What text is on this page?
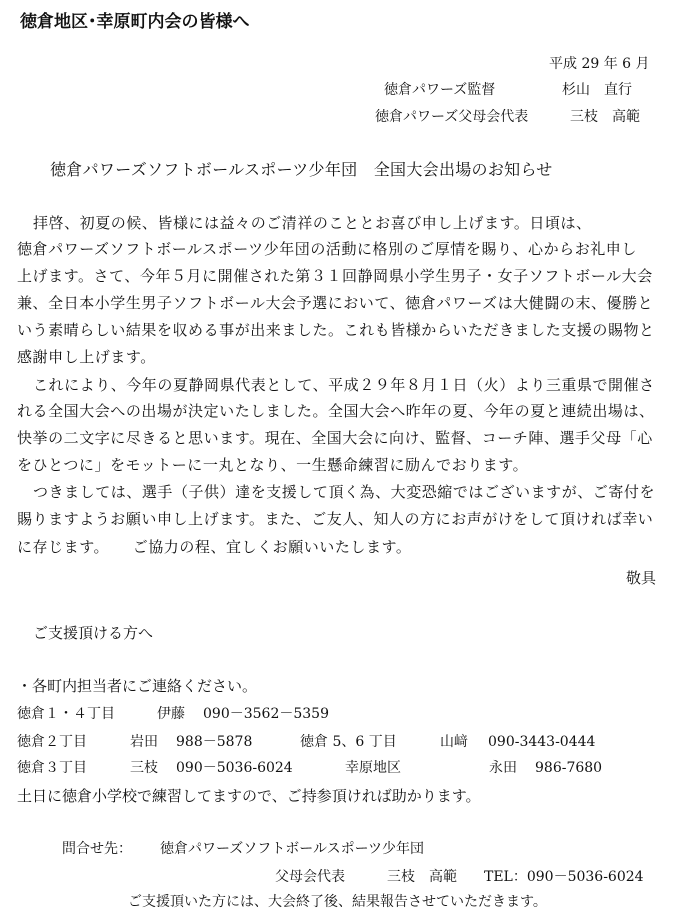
徳倉地区･幸原町内会の皆様へ
平成 29 年 6 月
徳倉パワーズ監督	杉山　直行
徳倉パワーズ父母会代表	三枝　高範
徳倉パワーズソフトボールスポーツ少年団　全国大会出場のお知らせ
拝啓、初夏の候、皆様には益々のご清祥のこととお喜び申し上げます。日頃は、
徳倉パワーズソフトボールスポーツ少年団の活動に格別のご厚情を賜り、心からお礼申し
上げます。さて、今年５月に開催された第３１回静岡県小学生男子・女子ソフトボール大会
兼、全日本小学生男子ソフトボール大会予選において、徳倉パワーズは大健闘の末、優勝と
いう素晴らしい結果を収める事が出来ました。これも皆様からいただきました支援の賜物と
感謝申し上げます。
これにより、今年の夏静岡県代表として、平成２９年８月１日（火）より三重県で開催さ
れる全国大会への出場が決定いたしました。全国大会へ昨年の夏、今年の夏と連続出場は、
快挙の二文字に尽きると思います。現在、全国大会に向け、監督、コーチ陣、選手父母「心
をひとつに」をモットーに一丸となり、一生懸命練習に励んでおります。
つきましては、選手（子供）達を支援して頂く為、大変恐縮ではございますが、ご寄付を
賜りますようお願い申し上げます。また、ご友人、知人の方にお声がけをして頂ければ幸い
に存じます。　　ご協力の程、宜しくお願いいたします。
敬具
ご支援頂ける方へ
・各町内担当者にご連絡ください。
徳倉１・４丁目	伊藤 090－3562－5359
徳倉２丁目	岩田 988－5878	徳倉 5、6 丁目	山﨑 090-3443-0444
徳倉３丁目	三枝 090－5036-6024	幸原地区	永田 986-7680
土日に徳倉小学校で練習してますので、ご持参頂ければ助かります。
問合せ先： 徳倉パワーズソフトボールスポーツ少年団
父母会代表	三枝　高範 TEL：090－5036-6024
ご支援頂いた方には、大会終了後、結果報告させていただきます。
